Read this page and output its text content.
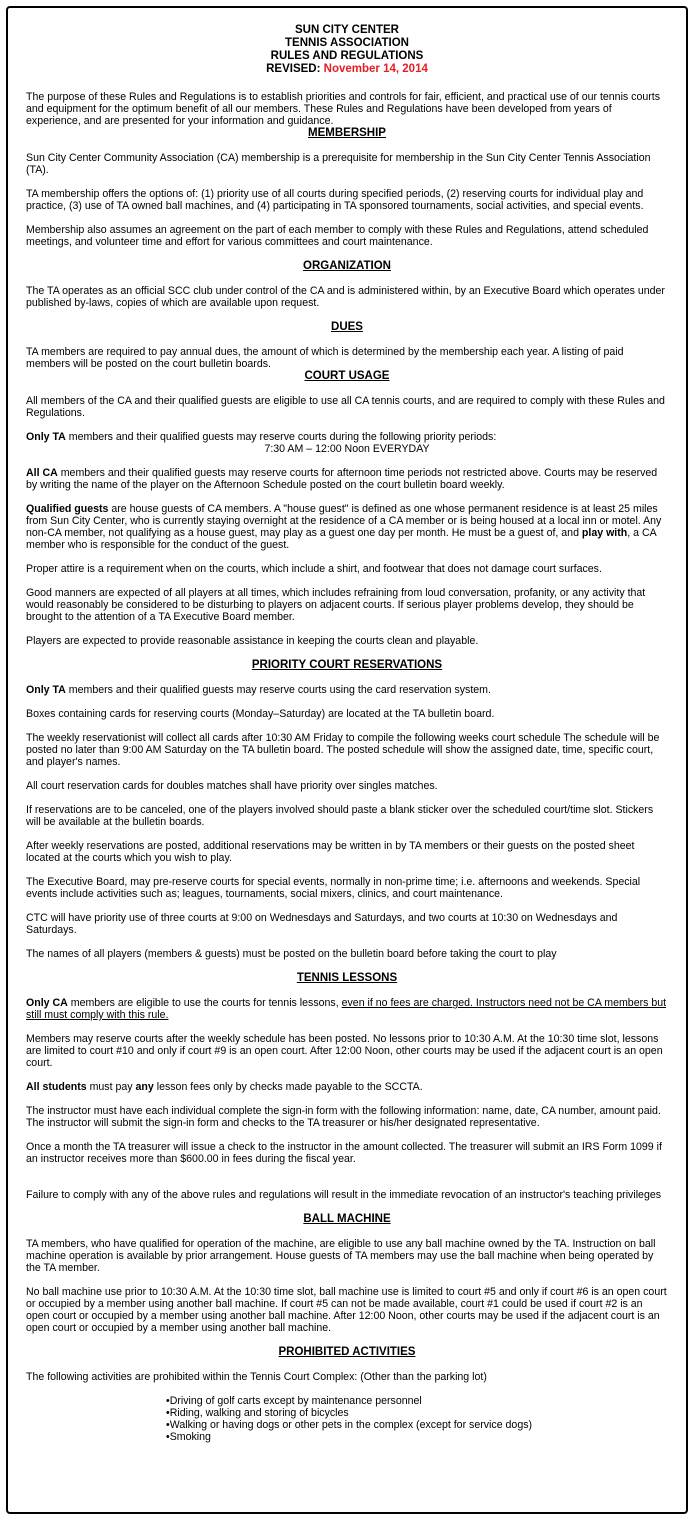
SUN CITY CENTER
TENNIS ASSOCIATION
RULES AND REGULATIONS
REVISED: November 14, 2014

The purpose of these Rules and Regulations is to establish priorities and controls for fair, efficient, and practical use of our tennis courts and equipment for the optimum benefit of all our members. These Rules and Regulations have been developed from years of experience, and are presented for your information and guidance.

MEMBERSHIP

Sun City Center Community Association (CA) membership is a prerequisite for membership in the Sun City Center Tennis Association (TA).

TA membership offers the options of: (1) priority use of all courts during specified periods, (2) reserving courts for individual play and practice, (3) use of TA owned ball machines, and (4) participating in TA sponsored tournaments, social activities, and special events.

Membership also assumes an agreement on the part of each member to comply with these Rules and Regulations, attend scheduled meetings, and volunteer time and effort for various committees and court maintenance.

ORGANIZATION

The TA operates as an official SCC club under control of the CA and is administered within, by an Executive Board which operates under published by-laws, copies of which are available upon request.

DUES

TA members are required to pay annual dues, the amount of which is determined by the membership each year. A listing of paid members will be posted on the court bulletin boards.

COURT USAGE

All members of the CA and their qualified guests are eligible to use all CA tennis courts, and are required to comply with these Rules and Regulations.

Only TA members and their qualified guests may reserve courts during the following priority periods:

7:30 AM – 12:00 Noon EVERYDAY

All CA members and their qualified guests may reserve courts for afternoon time periods not restricted above. Courts may be reserved by writing the name of the player on the Afternoon Schedule posted on the court bulletin board weekly.

Qualified guests are house guests of CA members. A "house guest" is defined as one whose permanent residence is at least 25 miles from Sun City Center, who is currently staying overnight at the residence of a CA member or is being housed at a local inn or motel. Any non-CA member, not qualifying as a house guest, may play as a guest one day per month. He must be a guest of, and play with, a CA member who is responsible for the conduct of the guest.

Proper attire is a requirement when on the courts, which include a shirt, and footwear that does not damage court surfaces.

Good manners are expected of all players at all times, which includes refraining from loud conversation, profanity, or any activity that would reasonably be considered to be disturbing to players on adjacent courts. If serious player problems develop, they should be brought to the attention of a TA Executive Board member.

Players are expected to provide reasonable assistance in keeping the courts clean and playable.

PRIORITY COURT RESERVATIONS

Only TA members and their qualified guests may reserve courts using the card reservation system.

Boxes containing cards for reserving courts (Monday–Saturday) are located at the TA bulletin board.

The weekly reservationist will collect all cards after 10:30 AM Friday to compile the following weeks court schedule The schedule will be posted no later than 9:00 AM Saturday on the TA bulletin board. The posted schedule will show the assigned date, time, specific court, and player's names.

All court reservation cards for doubles matches shall have priority over singles matches.

If reservations are to be canceled, one of the players involved should paste a blank sticker over the scheduled court/time slot. Stickers will be available at the bulletin boards.

After weekly reservations are posted, additional reservations may be written in by TA members or their guests on the posted sheet located at the courts which you wish to play.

The Executive Board, may pre-reserve courts for special events, normally in non-prime time; i.e. afternoons and weekends. Special events include activities such as; leagues, tournaments, social mixers, clinics, and court maintenance.

CTC will have priority use of three courts at 9:00 on Wednesdays and Saturdays, and two courts at 10:30 on Wednesdays and Saturdays.

The names of all players (members & guests) must be posted on the bulletin board before taking the court to play

TENNIS LESSONS

Only CA members are eligible to use the courts for tennis lessons, even if no fees are charged. Instructors need not be CA members but still must comply with this rule.

Members may reserve courts after the weekly schedule has been posted. No lessons prior to 10:30 A.M. At the 10:30 time slot, lessons are limited to court #10 and only if court #9 is an open court. After 12:00 Noon, other courts may be used if the adjacent court is an open court.

All students must pay any lesson fees only by checks made payable to the SCCTA.

The instructor must have each individual complete the sign-in form with the following information: name, date, CA number, amount paid. The instructor will submit the sign-in form and checks to the TA treasurer or his/her designated representative.

Once a month the TA treasurer will issue a check to the instructor in the amount collected. The treasurer will submit an IRS Form 1099 if an instructor receives more than $600.00 in fees during the fiscal year.

Failure to comply with any of the above rules and regulations will result in the immediate revocation of an instructor's teaching privileges

BALL MACHINE

TA members, who have qualified for operation of the machine, are eligible to use any ball machine owned by the TA. Instruction on ball machine operation is available by prior arrangement. House guests of TA members may use the ball machine when being operated by the TA member.

No ball machine use prior to 10:30 A.M. At the 10:30 time slot, ball machine use is limited to court #5 and only if court #6 is an open court or occupied by a member using another ball machine. If court #5 can not be made available, court #1 could be used if court #2 is an open court or occupied by a member using another ball machine. After 12:00 Noon, other courts may be used if the adjacent court is an open court or occupied by a member using another ball machine.

PROHIBITED ACTIVITIES

The following activities are prohibited within the Tennis Court Complex: (Other than the parking lot)

• Driving of golf carts except by maintenance personnel
• Riding, walking and storing of bicycles
• Walking or having dogs or other pets in the complex (except for service dogs)
• Smoking
